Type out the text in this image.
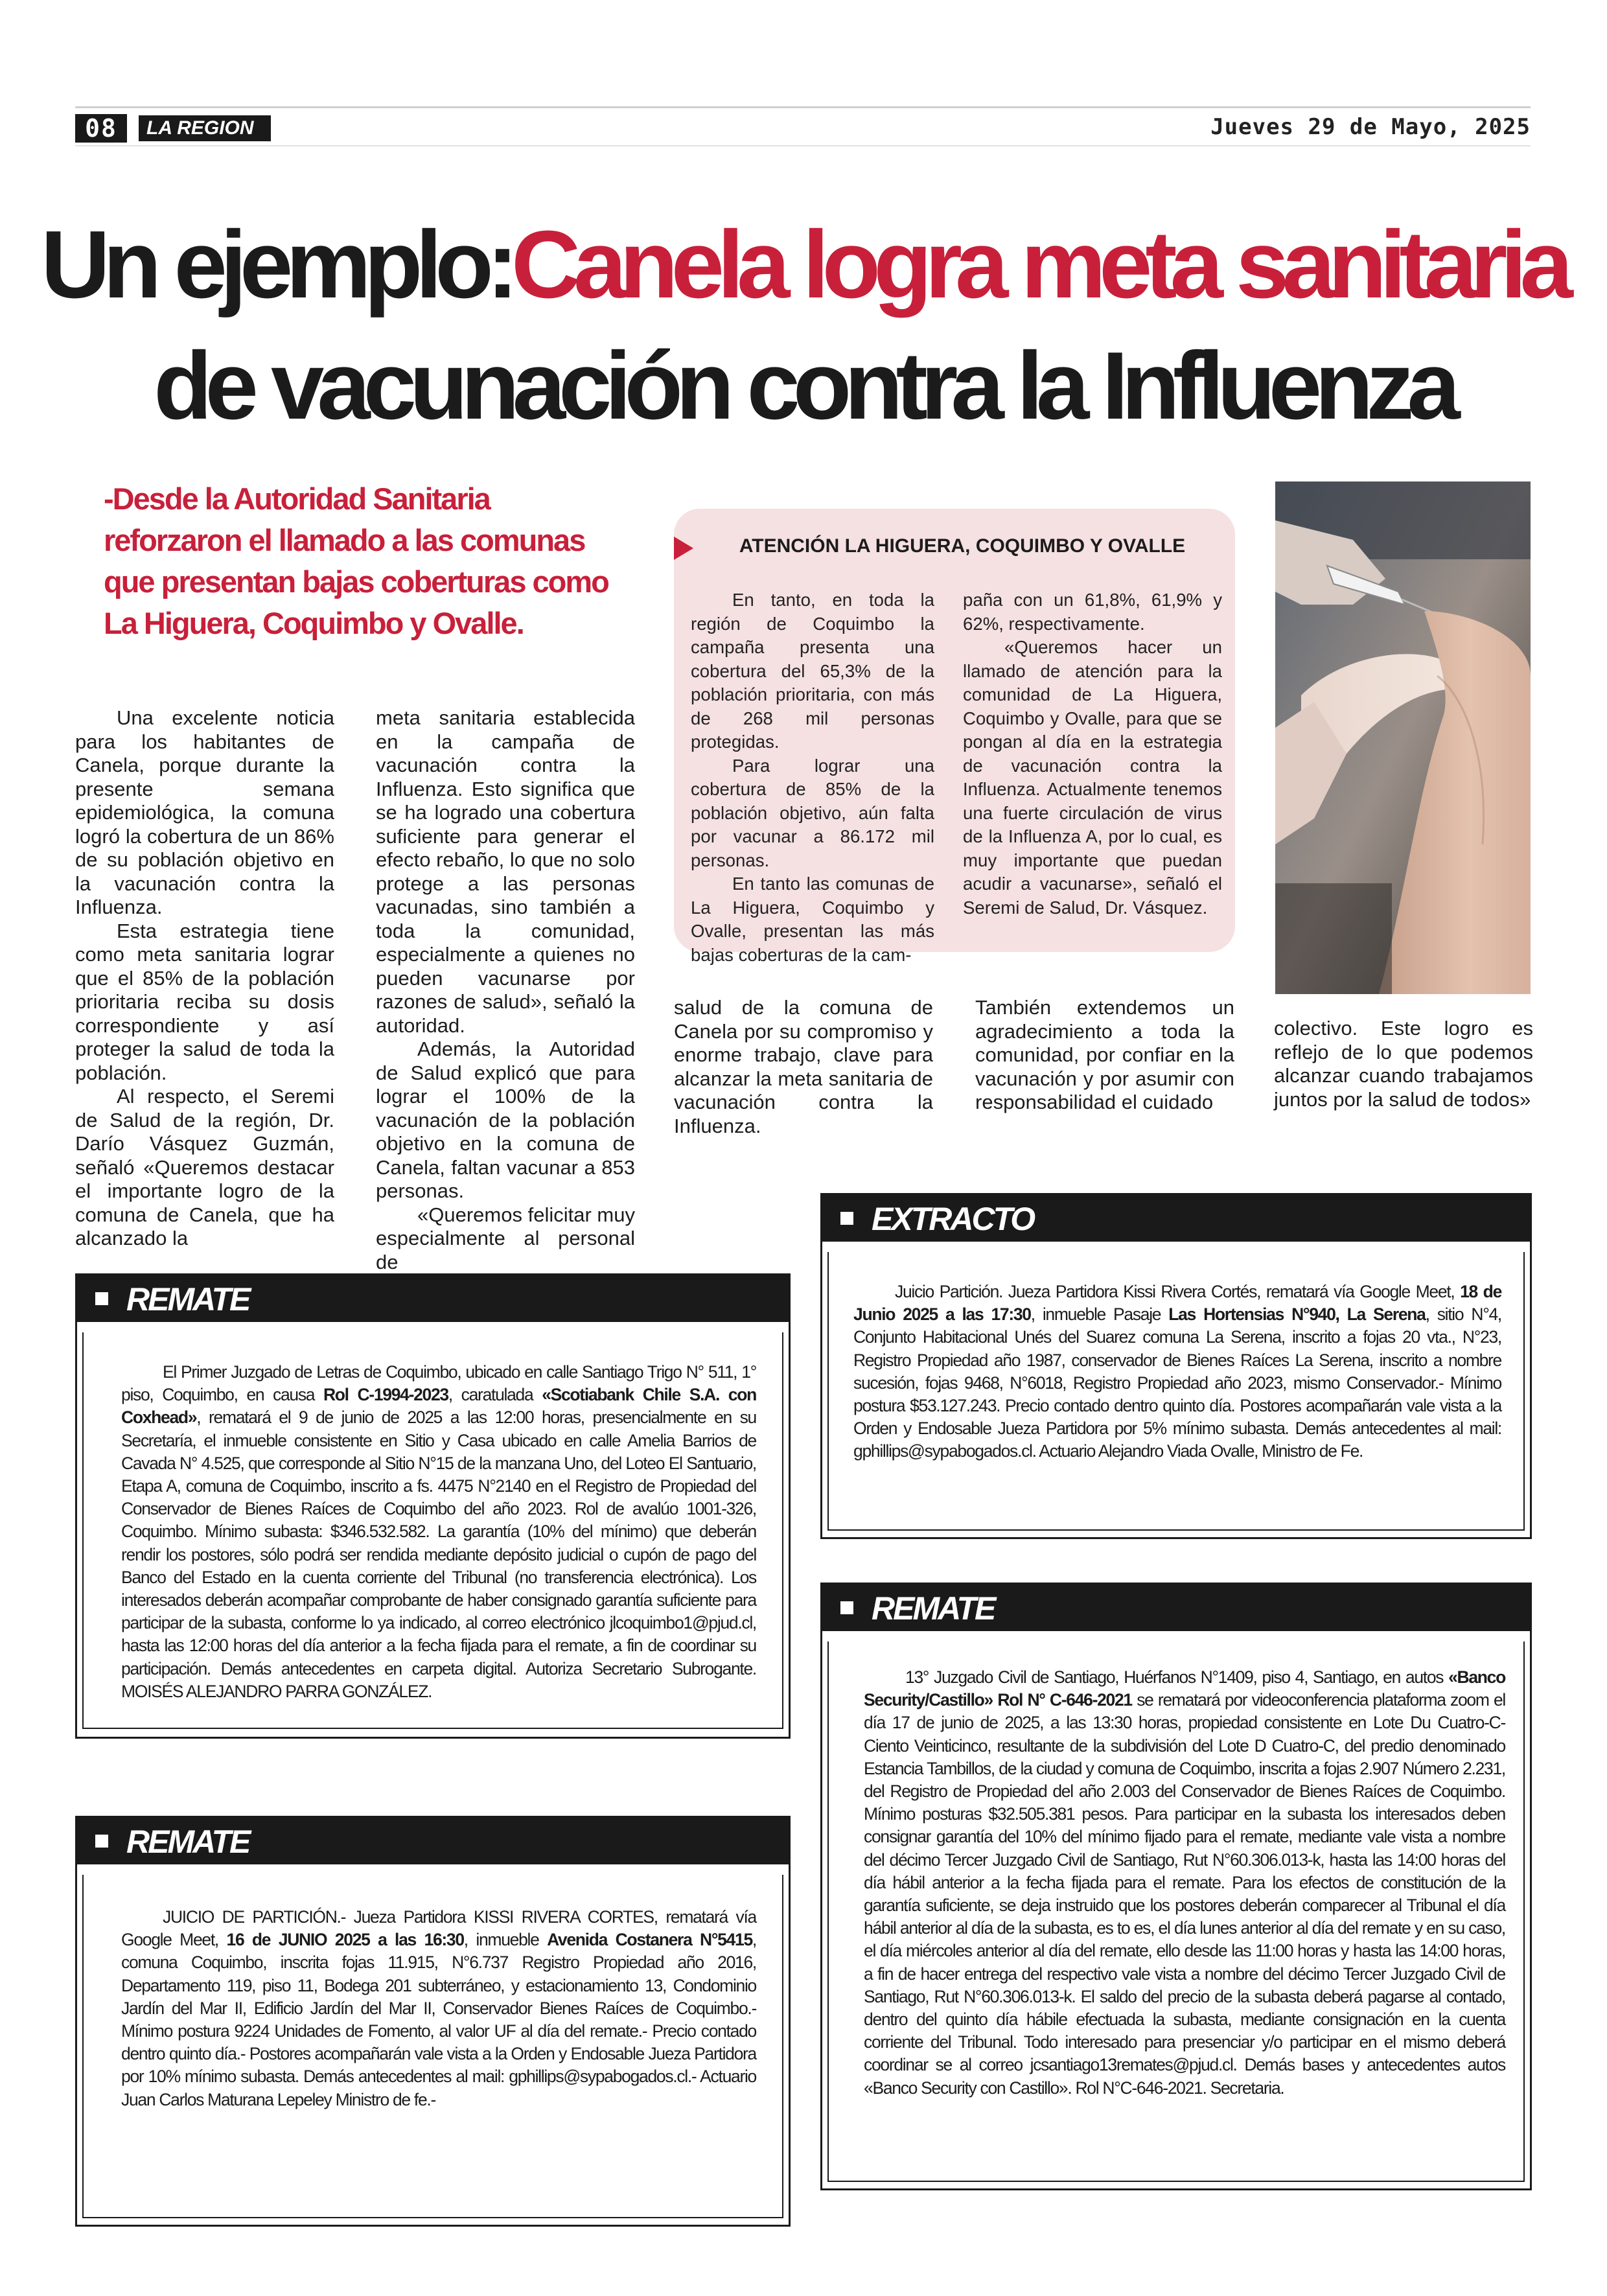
08	LA REGION	Jueves 29 de Mayo, 2025
Un ejemplo:Canela logra meta sanitaria
de vacunación contra la Influenza
-Desde la Autoridad Sanitaria reforzaron el llamado a las comunas que presentan bajas coberturas como La Higuera, Coquimbo y Ovalle.

Una excelente noticia para los habitantes de Canela, porque durante la presente semana epidemiológica, la comuna logró la cobertura de un 86% de su población objetivo en la vacunación contra la Influenza.

Esta estrategia tiene como meta sanitaria lograr que el 85% de la población prioritaria reciba su dosis correspondiente y así proteger la salud de toda la población.

Al respecto, el Seremi de Salud de la región, Dr. Darío Vásquez Guzmán, señaló «Queremos destacar el importante logro de la comuna de Canela, que ha alcanzado la

meta sanitaria establecida en la campaña de vacunación contra la Influenza. Esto significa que se ha logrado una cobertura suficiente para generar el efecto rebaño, lo que no solo protege a las personas vacunadas, sino también a toda la comunidad, especialmente a quienes no pueden vacunarse por razones de salud», señaló la autoridad.

Además, la Autoridad de Salud explicó que para lograr el 100% de la vacunación de la población objetivo en la comuna de Canela, faltan vacunar a 853 personas.

«Queremos felicitar muy especialmente al personal de

salud de la comuna de Canela por su compromiso y enorme trabajo, clave para alcanzar la meta sanitaria de vacunación contra la Influenza.

También extendemos un agradecimiento a toda la comunidad, por confiar en la vacunación y por asumir con responsabilidad el cuidado

colectivo. Este logro es reflejo de lo que podemos alcanzar cuando trabajamos juntos por la salud de todos»

ATENCIÓN LA HIGUERA, COQUIMBO Y OVALLE

En tanto, en toda la región de Coquimbo la campaña presenta una cobertura del 65,3% de la población prioritaria, con más de 268 mil personas protegidas.

Para lograr una cobertura de 85% de la población objetivo, aún falta por vacunar a 86.172 mil personas.

En tanto las comunas de La Higuera, Coquimbo y Ovalle, presentan las más bajas coberturas de la cam-

paña con un 61,8%, 61,9% y 62%, respectivamente.

«Queremos hacer un llamado de atención para la comunidad de La Higuera, Coquimbo y Ovalle, para que se pongan al día en la estrategia de vacunación contra la Influenza. Actualmente tenemos una fuerte circulación de virus de la Influenza A, por lo cual, es muy importante que puedan acudir a vacunarse», señaló el Seremi de Salud, Dr. Vásquez.

EXTRACTO

Juicio Partición. Jueza Partidora Kissi Rivera Cortés, rematará vía Google Meet, 18 de Junio 2025 a las 17:30, inmueble Pasaje Las Hortensias N°940, La Serena, sitio N°4, Conjunto Habitacional Unés del Suarez comuna La Serena, inscrito a fojas 20 vta., N°23, Registro Propiedad año 1987, conservador de Bienes Raíces La Serena, inscrito a nombre sucesión, fojas 9468, N°6018, Registro Propiedad año 2023, mismo Conservador.- Mínimo postura $53.127.243. Precio contado dentro quinto día. Postores acompañarán vale vista a la Orden y Endosable Jueza Partidora por 5% mínimo subasta. Demás antecedentes al mail: gphillips@sypabogados.cl. Actuario Alejandro Viada Ovalle, Ministro de Fe.

REMATE

El Primer Juzgado de Letras de Coquimbo, ubicado en calle Santiago Trigo N° 511, 1° piso, Coquimbo, en causa Rol C-1994-2023, caratulada «Scotiabank Chile S.A. con Coxhead», rematará el 9 de junio de 2025 a las 12:00 horas, presencialmente en su Secretaría, el inmueble consistente en Sitio y Casa ubicado en calle Amelia Barrios de Cavada N° 4.525, que corresponde al Sitio N°15 de la manzana Uno, del Loteo El Santuario, Etapa A, comuna de Coquimbo, inscrito a fs. 4475 N°2140 en el Registro de Propiedad del Conservador de Bienes Raíces de Coquimbo del año 2023. Rol de avalúo 1001-326, Coquimbo. Mínimo subasta: $346.532.582. La garantía (10% del mínimo) que deberán rendir los postores, sólo podrá ser rendida mediante depósito judicial o cupón de pago del Banco del Estado en la cuenta corriente del Tribunal (no transferencia electrónica). Los interesados deberán acompañar comprobante de haber consignado garantía suficiente para participar de la subasta, conforme lo ya indicado, al correo electrónico jlcoquimbo1@pjud.cl, hasta las 12:00 horas del día anterior a la fecha fijada para el remate, a fin de coordinar su participación. Demás antecedentes en carpeta digital. Autoriza Secretario Subrogante. MOISÉS ALEJANDRO PARRA GONZÁLEZ.

REMATE

13° Juzgado Civil de Santiago, Huérfanos N°1409, piso 4, Santiago, en autos «Banco Security/Castillo» Rol N° C-646-2021 se rematará por videoconferencia plataforma zoom el día 17 de junio de 2025, a las 13:30 horas, propiedad consistente en Lote Du Cuatro-C- Ciento Veinticinco, resultante de la subdivisión del Lote D Cuatro-C, del predio denominado Estancia Tambillos, de la ciudad y comuna de Coquimbo, inscrita a fojas 2.907 Número 2.231, del Registro de Propiedad del año 2.003 del Conservador de Bienes Raíces de Coquimbo. Mínimo posturas $32.505.381 pesos. Para participar en la subasta los interesados deben consignar garantía del 10% del mínimo fijado para el remate, mediante vale vista a nombre del décimo Tercer Juzgado Civil de Santiago, Rut N°60.306.013-k, hasta las 14:00 horas del día hábil anterior a la fecha fijada para el remate. Para los efectos de constitución de la garantía suficiente, se deja instruido que los postores deberán comparecer al Tribunal el día hábil anterior al día de la subasta, es to es, el día lunes anterior al día del remate y en su caso, el día miércoles anterior al día del remate, ello desde las 11:00 horas y hasta las 14:00 horas, a fin de hacer entrega del respectivo vale vista a nombre del décimo Tercer Juzgado Civil de Santiago, Rut N°60.306.013-k. El saldo del precio de la subasta deberá pagarse al contado, dentro del quinto día hábile efectuada la subasta, mediante consignación en la cuenta corriente del Tribunal. Todo interesado para presenciar y/o participar en el mismo deberá coordinar se al correo jcsantiago13remates@pjud.cl. Demás bases y antecedentes autos «Banco Security con Castillo». Rol N°C-646-2021. Secretaria.

REMATE

JUICIO DE PARTICIÓN.- Jueza Partidora KISSI RIVERA CORTES, rematará vía Google Meet, 16 de JUNIO 2025 a las 16:30, inmueble Avenida Costanera N°5415, comuna Coquimbo, inscrita fojas 11.915, N°6.737 Registro Propiedad año 2016, Departamento 119, piso 11, Bodega 201 subterráneo, y estacionamiento 13, Condominio Jardín del Mar II, Edificio Jardín del Mar II, Conservador Bienes Raíces de Coquimbo.- Mínimo postura 9224 Unidades de Fomento, al valor UF al día del remate.- Precio contado dentro quinto día.- Postores acompañarán vale vista a la Orden y Endosable Jueza Partidora por 10% mínimo subasta. Demás antecedentes al mail: gphillips@sypabogados.cl.- Actuario Juan Carlos Maturana Lepeley Ministro de fe.-
